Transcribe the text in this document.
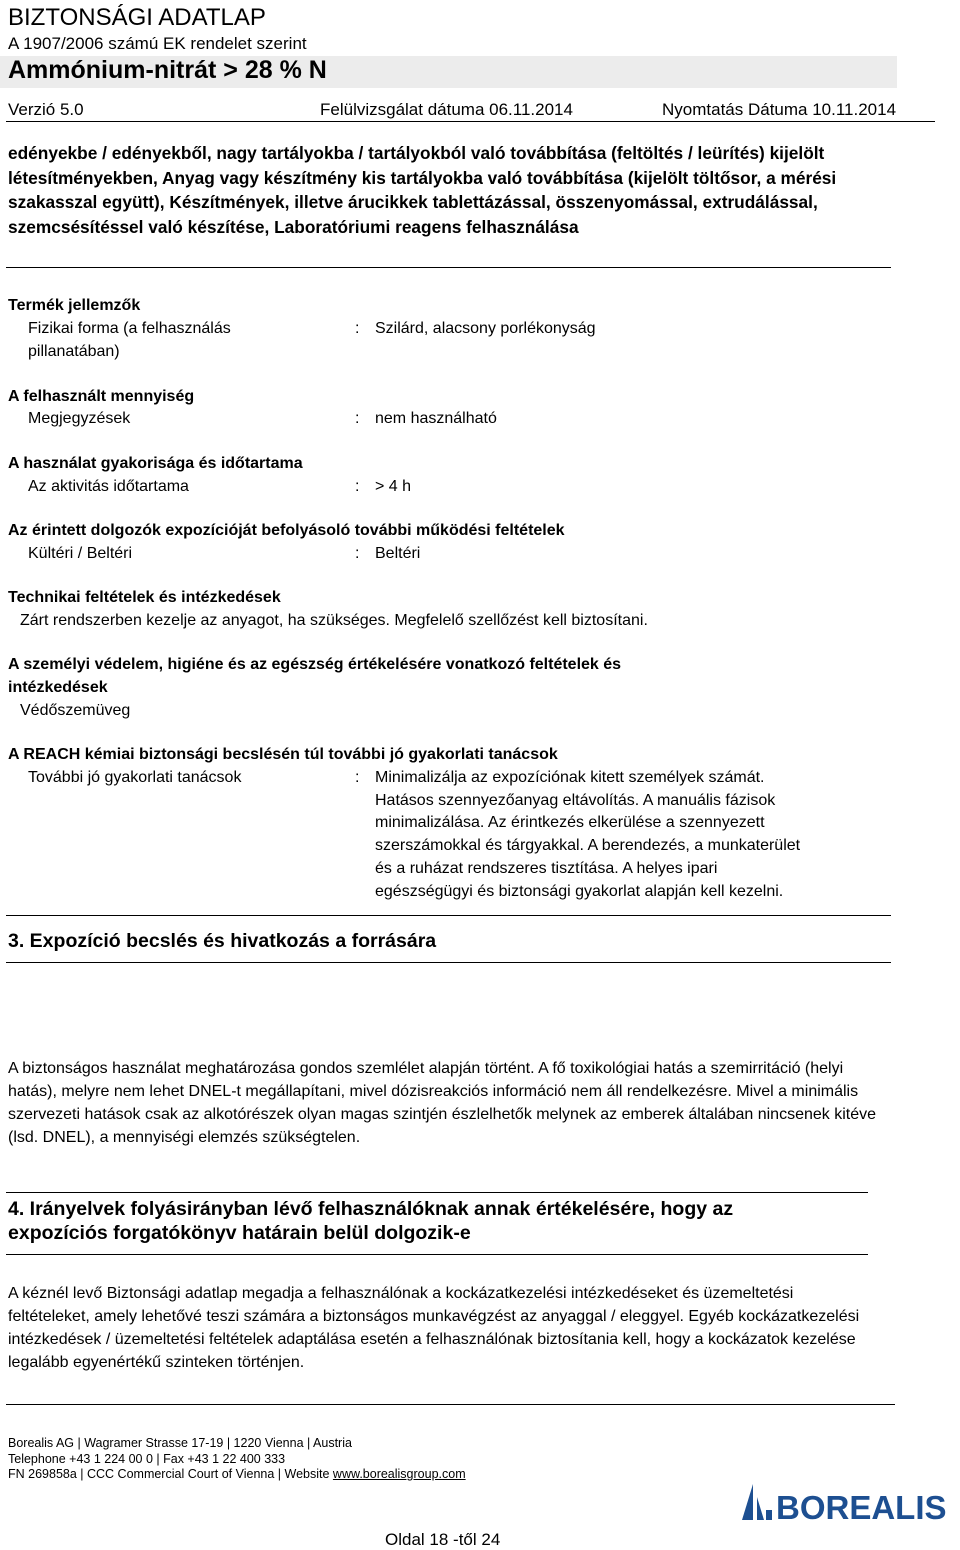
BIZTONSÁGI ADATLAP
A 1907/2006 számú EK rendelet szerint
Ammónium-nitrát > 28 % N
Verzió 5.0	Felülvizsgálat dátuma 06.11.2014	Nyomtatás Dátuma 10.11.2014
edényekbe / edényekből, nagy tartályokba / tartályokból való továbbítása (feltöltés / leürítés) kijelölt létesítményekben, Anyag vagy készítmény kis tartályokba való továbbítása (kijelölt töltősor, a mérési szakasszal együtt), Készítmények, illetve árucikkek tablettázással, összenyomással, extrudálással, szemcsésítéssel való készítése, Laboratóriumi reagens felhasználása
Termék jellemzők
Fizikai forma (a felhasználás
pillanatában)
: Szilárd, alacsony porlékonyság
A felhasznált mennyiség
Megjegyzések	: nem használható
A használat gyakorisága és időtartama
Az aktivitás időtartama	: > 4 h
Az érintett dolgozók expozícióját befolyásoló további működési feltételek
Kültéri / Beltéri	: Beltéri
Technikai feltételek és intézkedések
Zárt rendszerben kezelje az anyagot, ha szükséges. Megfelelő szellőzést kell biztosítani.
A személyi védelem, higiéne és az egészség értékelésére vonatkozó feltételek és
intézkedések
Védőszemüveg
A REACH kémiai biztonsági becslésén túl további jó gyakorlati tanácsok
További jó gyakorlati tanácsok	: Minimalizálja az expozíciónak kitett személyek számát.
Hatásos szennyezőanyag eltávolítás. A manuális fázisok
minimalizálása. Az érintkezés elkerülése a szennyezett
szerszámokkal és tárgyakkal. A berendezés, a munkaterület
és a ruházat rendszeres tisztítása. A helyes ipari
egészségügyi és biztonsági gyakorlat alapján kell kezelni.
3. Expozíció becslés és hivatkozás a forrására
A biztonságos használat meghatározása gondos szemlélet alapján történt. A fő toxikológiai hatás a szemirritáció (helyi hatás), melyre nem lehet DNEL-t megállapítani, mivel dózisreakciós információ nem áll rendelkezésre. Mivel a minimális szervezeti hatások csak az alkotórészek olyan magas szintjén észlelhetők melynek az emberek általában nincsenek kitéve (lsd. DNEL), a mennyiségi elemzés szükségtelen.
4. Irányelvek folyásirányban lévő felhasználóknak annak értékelésére, hogy az
expozíciós forgatókönyv határain belül dolgozik-e
A kéznél levő Biztonsági adatlap megadja a felhasználónak a kockázatkezelési intézkedéseket és üzemeltetési feltételeket, amely lehetővé teszi számára a biztonságos munkavégzést az anyaggal / eleggyel. Egyéb kockázatkezelési intézkedések / üzemeltetési feltételek adaptálása esetén a felhasználónak biztosítania kell, hogy a kockázatok kezelése legalább egyenértékű szinteken történjen.
Borealis AG | Wagramer Strasse 17-19 | 1220 Vienna | Austria
Telephone +43 1 224 00 0 | Fax +43 1 22 400 333
FN 269858a | CCC Commercial Court of Vienna | Website www.borealisgroup.com
BOREALIS
Oldal 18 -től 24
